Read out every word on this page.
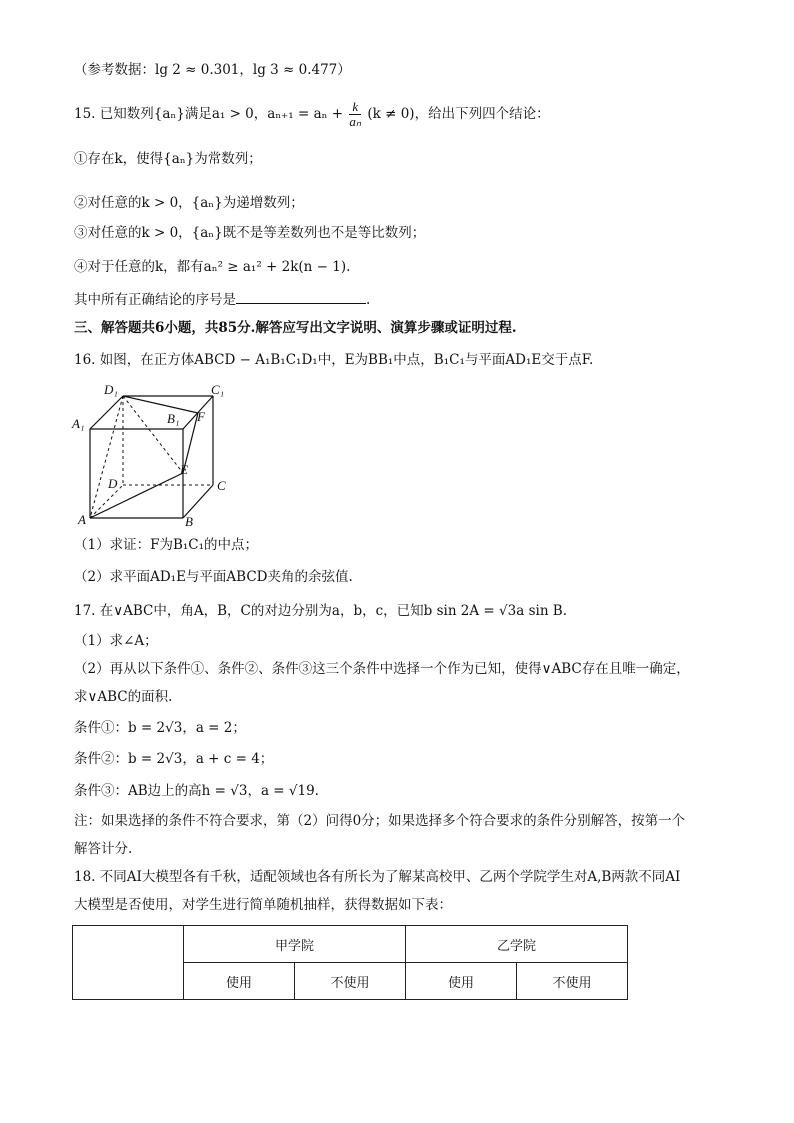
（参考数据：lg 2 ≈ 0.301，lg 3 ≈ 0.477）
15. 已知数列{aₙ}满足a₁ > 0，$a_{n+1} = a_n + \frac{k}{\text{aₙ}} (k \ne 0)$，给出下列四个结论：
①存在k，使得{aₙ}为常数列；
②对任意的k > 0，{aₙ}为递增数列；
③对任意的k > 0，{aₙ}既不是等差数列也不是等比数列；
④对于任意的k，都有aₙ² ≥ a₁² + 2k(n − 1).
其中所有正确结论的序号是	.
三、解答题共6小题，共85分.解答应写出文字说明、演算步骤或证明过程.
16. 如图，在正方体ABCD − A₁B₁C₁D₁中，E为BB₁中点，B₁C₁与平面AD₁E交于点F.
D₁	C₁
A₁	B₁ F
E
D	C
A	B
（1）求证：F为B₁C₁的中点；
（2）求平面AD₁E与平面ABCD夹角的余弦值.
17. 在∨ABC中，角A，B，C的对边分别为a，b，c，已知b sin 2A = √3a sin B.
（1）求∠A；
（2）再从以下条件①、条件②、条件③这三个条件中选择一个作为已知，使得∨ABC存在且唯一确定，
求∨ABC的面积.
条件①：b = 2√3，a = 2；
条件②：b = 2√3，a + c = 4；
条件③：AB边上的高h = √3，a = √19.
注：如果选择的条件不符合要求，第（2）问得0分；如果选择多个符合要求的条件分别解答，按第一个
解答计分.
18. 不同AI大模型各有千秋，适配领域也各有所长为了解某高校甲、乙两个学院学生对A,B两款不同AI
大模型是否使用，对学生进行简单随机抽样，获得数据如下表：
	甲学院		乙学院	
	使用	不使用	使用	不使用
